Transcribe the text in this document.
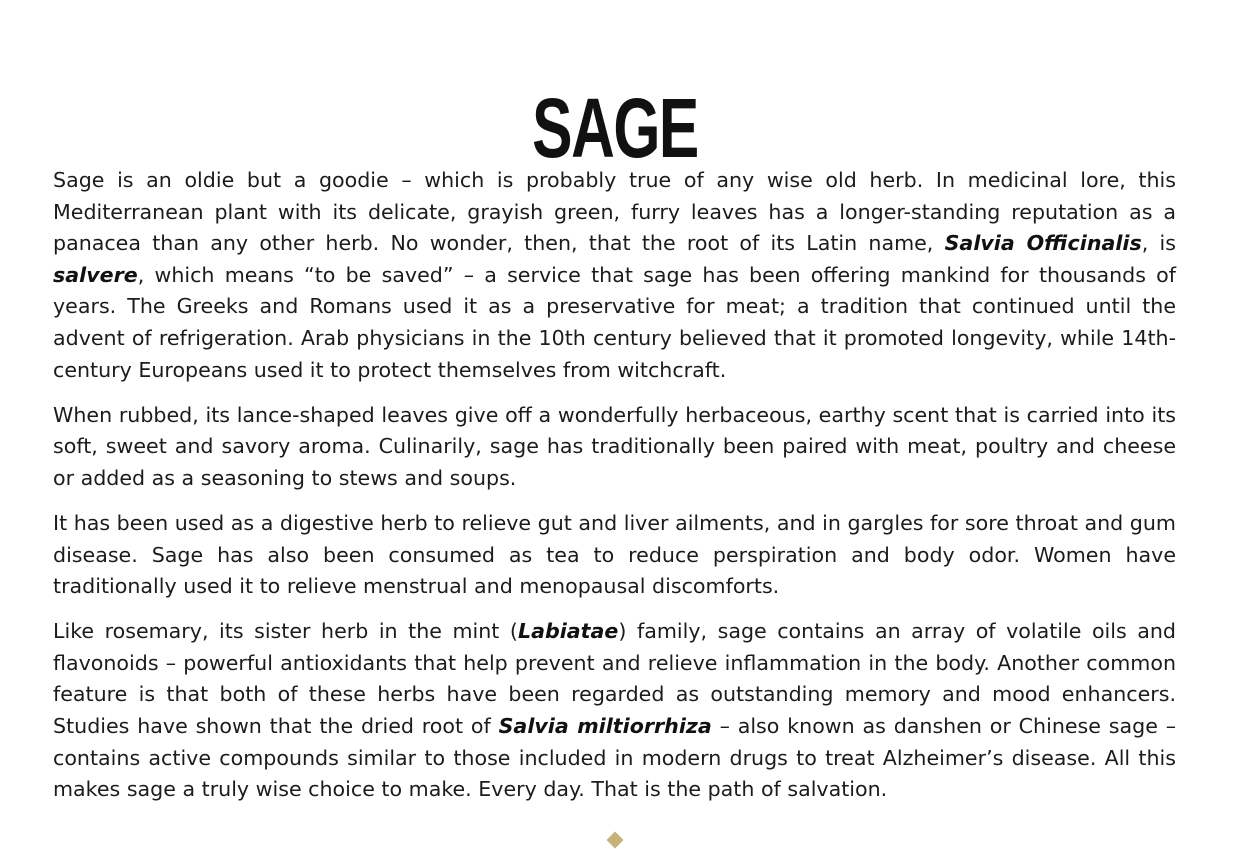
SAGE

Sage is an oldie but a goodie – which is probably true of any wise old herb. In medicinal lore, this Mediterranean plant with its delicate, grayish green, furry leaves has a longer-standing reputation as a panacea than any other herb. No wonder, then, that the root of its Latin name, Salvia Officinalis, is salvere, which means “to be saved” – a service that sage has been offering mankind for thousands of years. The Greeks and Romans used it as a preservative for meat; a tradition that continued until the advent of refrigeration. Arab physicians in the 10th century believed that it promoted longevity, while 14th-century Europeans used it to protect themselves from witchcraft.

When rubbed, its lance-shaped leaves give off a wonderfully herbaceous, earthy scent that is carried into its soft, sweet and savory aroma. Culinarily, sage has traditionally been paired with meat, poultry and cheese or added as a seasoning to stews and soups.

It has been used as a digestive herb to relieve gut and liver ailments, and in gargles for sore throat and gum disease. Sage has also been consumed as tea to reduce perspiration and body odor. Women have traditionally used it to relieve menstrual and menopausal discomforts.

Like rosemary, its sister herb in the mint (Labiatae) family, sage contains an array of volatile oils and flavonoids – powerful antioxidants that help prevent and relieve inflammation in the body. Another common feature is that both of these herbs have been regarded as outstanding memory and mood enhancers. Studies have shown that the dried root of Salvia miltiorrhiza – also known as danshen or Chinese sage – contains active compounds similar to those included in modern drugs to treat Alzheimer’s disease. All this makes sage a truly wise choice to make. Every day. That is the path of salvation.
